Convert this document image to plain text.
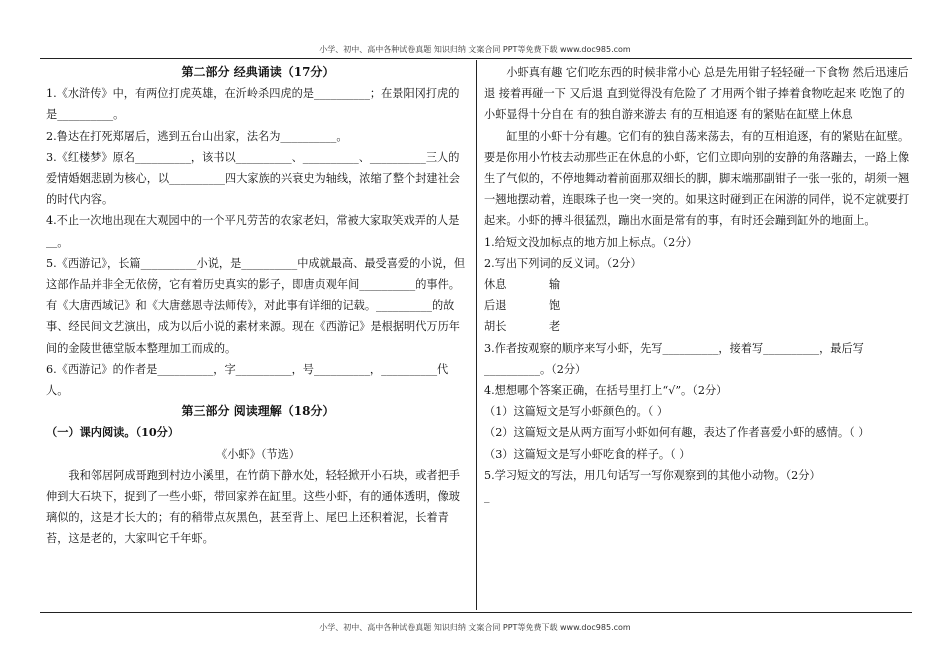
小学、初中、高中各种试卷真题 知识归纳 文案合同 PPT等免费下载 www.doc985.com
小学、初中、高中各种试卷真题 知识归纳 文案合同 PPT等免费下载 www.doc985.com

第二部分 经典诵读（17分）

1.《水浒传》中，有两位打虎英雄，在沂岭杀四虎的是__________；在景阳冈打虎的是__________。

2.鲁达在打死郑屠后，逃到五台山出家，法名为__________。

3.《红楼梦》原名__________，该书以__________、__________、__________三人的爱情婚姻悲剧为核心，以__________四大家族的兴衰史为轴线，浓缩了整个封建社会的时代内容。

4.不止一次地出现在大观园中的一个平凡劳苦的农家老妇，常被大家取笑戏弄的人是＿。

5.《西游记》，长篇__________小说，是__________中成就最高、最受喜爱的小说，但这部作品并非全无依傍，它有着历史真实的影子，即唐贞观年间__________的事件。有《大唐西域记》和《大唐慈恩寺法师传》，对此事有详细的记载。__________的故事、经民间文艺演出，成为以后小说的素材来源。现在《西游记》是根据明代万历年间的金陵世德堂版本整理加工而成的。

6.《西游记》的作者是__________，字__________，号__________，__________代人。

第三部分 阅读理解（18分）

（一）课内阅读。（10分）

《小虾》（节选）

我和邻居阿成哥跑到村边小溪里，在竹荫下静水处，轻轻掀开小石块，或者把手伸到大石块下，捉到了一些小虾，带回家养在缸里。这些小虾，有的通体透明，像玻璃似的，这是才长大的；有的稍带点灰黑色，甚至背上、尾巴上还积着泥，长着青苔，这是老的，大家叫它千年虾。

小虾真有趣 它们吃东西的时候非常小心 总是先用钳子轻轻碰一下食物 然后迅速后退 接着再碰一下 又后退 直到觉得没有危险了 才用两个钳子捧着食物吃起来 吃饱了的小虾显得十分自在 有的独自游来游去 有的互相追逐 有的紧贴在缸壁上休息

缸里的小虾十分有趣。它们有的独自荡来荡去，有的互相追逐，有的紧贴在缸壁。要是你用小竹枝去动那些正在休息的小虾，它们立即向别的安静的角落蹦去，一路上像生了气似的，不停地舞动着前面那双细长的脚，脚末端那副钳子一张一张的，胡须一翘一翘地摆动着，连眼珠子也一突一突的。如果这时碰到正在闲游的同伴，说不定就要打起来。小虾的搏斗很猛烈，蹦出水面是常有的事，有时还会蹦到缸外的地面上。

1.给短文没加标点的地方加上标点。（2分）

2.写出下列词的反义词。（2分）

休息	输
后退	饱
胡长	老

3.作者按观察的顺序来写小虾，先写__________，接着写__________，最后写__________。（2分）

4.想想哪个答案正确，在括号里打上“√”。（2分）

（1）这篇短文是写小虾颜色的。（ ）

（2）这篇短文是从两方面写小虾如何有趣，表达了作者喜爱小虾的感情。（ ）

（3）这篇短文是写小虾吃食的样子。（ ）

5.学习短文的写法，用几句话写一写你观察到的其他小动物。（2分）

_
